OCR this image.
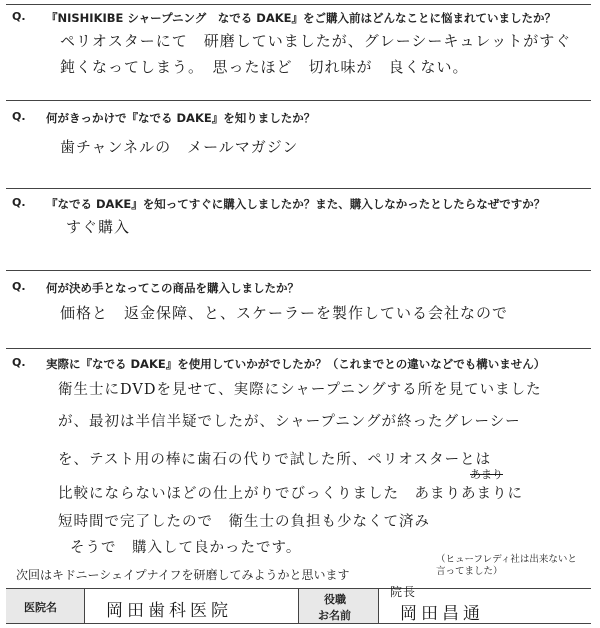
Q. 『NISHIKIBE シャープニング　なでる DAKE』をご購入前はどんなことに悩まれていましたか？
ペリオスターにて　研磨していましたが、グレーシーキュレットがすぐ
鈍くなってしまう。　思ったほど　切れ味が　良くない。
Q. 何がきっかけで『なでる DAKE』を知りましたか？
歯チャンネルの　メールマガジン
Q. 『なでる DAKE』を知ってすぐに購入しましたか？また、購入しなかったとしたらなぜですか？
すぐ購入
Q. 何が決め手となってこの商品を購入しましたか？
価格と　返金保障、と、スケーラーを製作している会社なので
Q. 実際に『なでる DAKE』を使用していかがでしたか？（これまでとの違いなどでも構いません）
衛生士にDVDを見せて、実際にシャープニングする所を見ていました
が、最初は半信半疑でしたが、シャープニングが終ったグレーシー
を、テスト用の棒に歯石の代りで試した所、ペリオスターとは
比較にならないほどの仕上がりでびっくりました　あまりあまりに
あまり
短時間で完了したので　衛生士の負担も少なくて済み
そうで　購入して良かったです。
次回はキドニーシェイプナイフを研磨してみようかと思います
（ヒューフレディ社は出来ないと言ってました）
医院名	岡田歯科医院
役職
お名前
院長
岡田昌通
